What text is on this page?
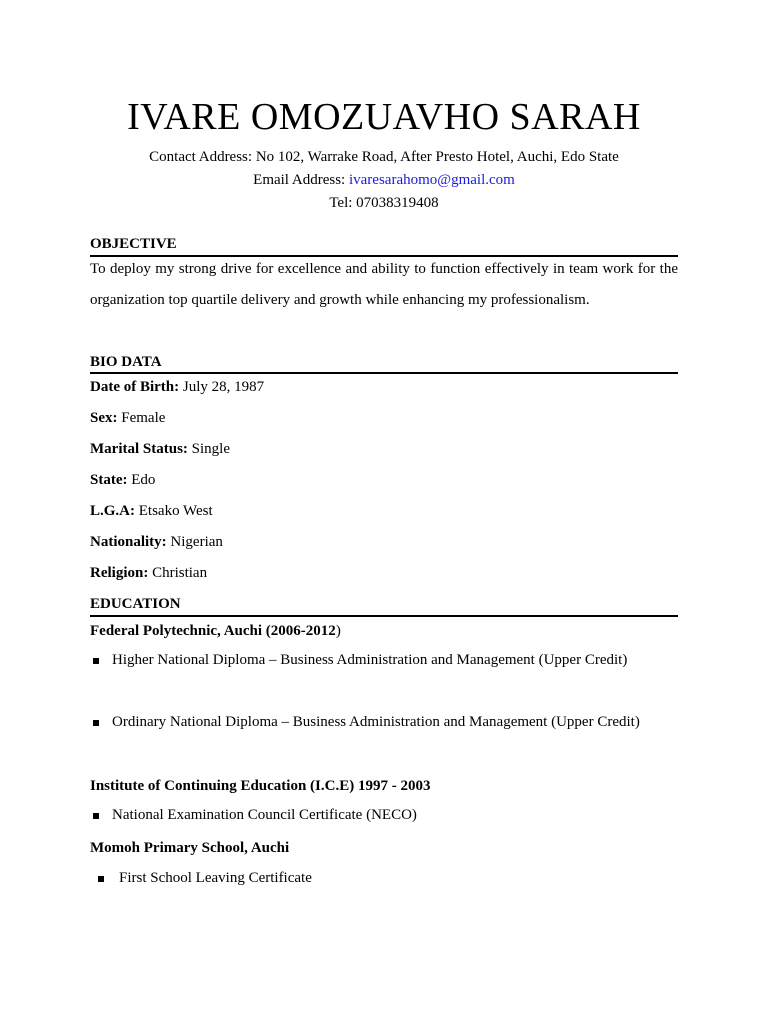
IVARE OMOZUAVHO SARAH
Contact Address: No 102, Warrake Road, After Presto Hotel, Auchi, Edo State
Email Address: ivaresarahomo@gmail.com
Tel: 07038319408
OBJECTIVE
To deploy my strong drive for excellence and ability to function effectively in team work for the organization top quartile delivery and growth while enhancing my professionalism.
BIO DATA
Date of Birth: July 28, 1987
Sex: Female
Marital Status: Single
State: Edo
L.G.A: Etsako West
Nationality: Nigerian
Religion: Christian
EDUCATION
Federal Polytechnic, Auchi (2006-2012)
Higher National Diploma – Business Administration and Management (Upper Credit)
Ordinary National Diploma – Business Administration and Management (Upper Credit)
Institute of Continuing Education (I.C.E) 1997 - 2003
National Examination Council Certificate (NECO)
Momoh Primary School, Auchi
First School Leaving Certificate
